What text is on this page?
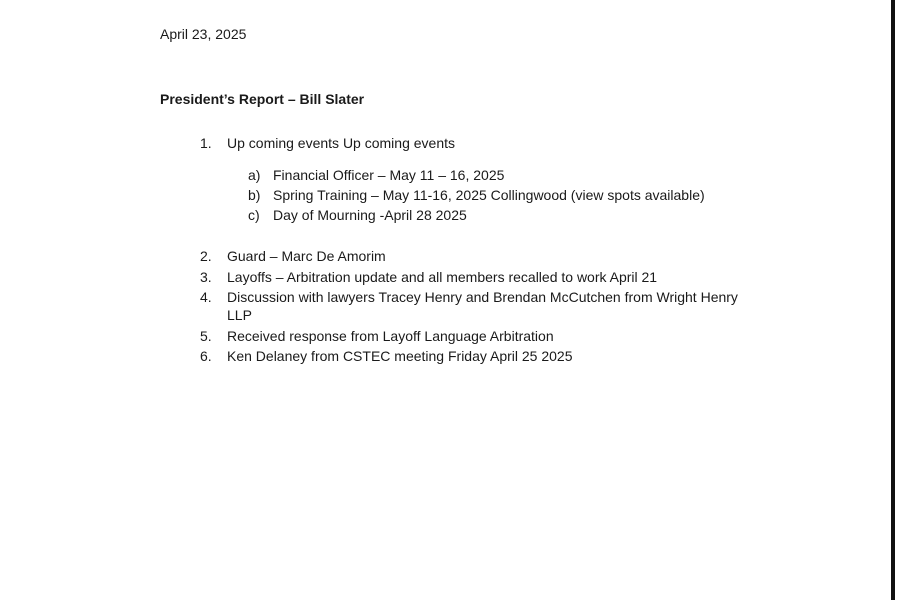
April 23, 2025
President’s Report – Bill Slater
1. Up coming events Up coming events
a) Financial Officer – May 11 – 16, 2025
b) Spring Training – May 11-16, 2025 Collingwood (view spots available)
c) Day of Mourning -April 28 2025
2. Guard – Marc De Amorim
3. Layoffs – Arbitration update and all members recalled to work April 21
4. Discussion with lawyers Tracey Henry and Brendan McCutchen from Wright Henry
LLP
5. Received response from Layoff Language Arbitration
6. Ken Delaney from CSTEC meeting Friday April 25 2025
